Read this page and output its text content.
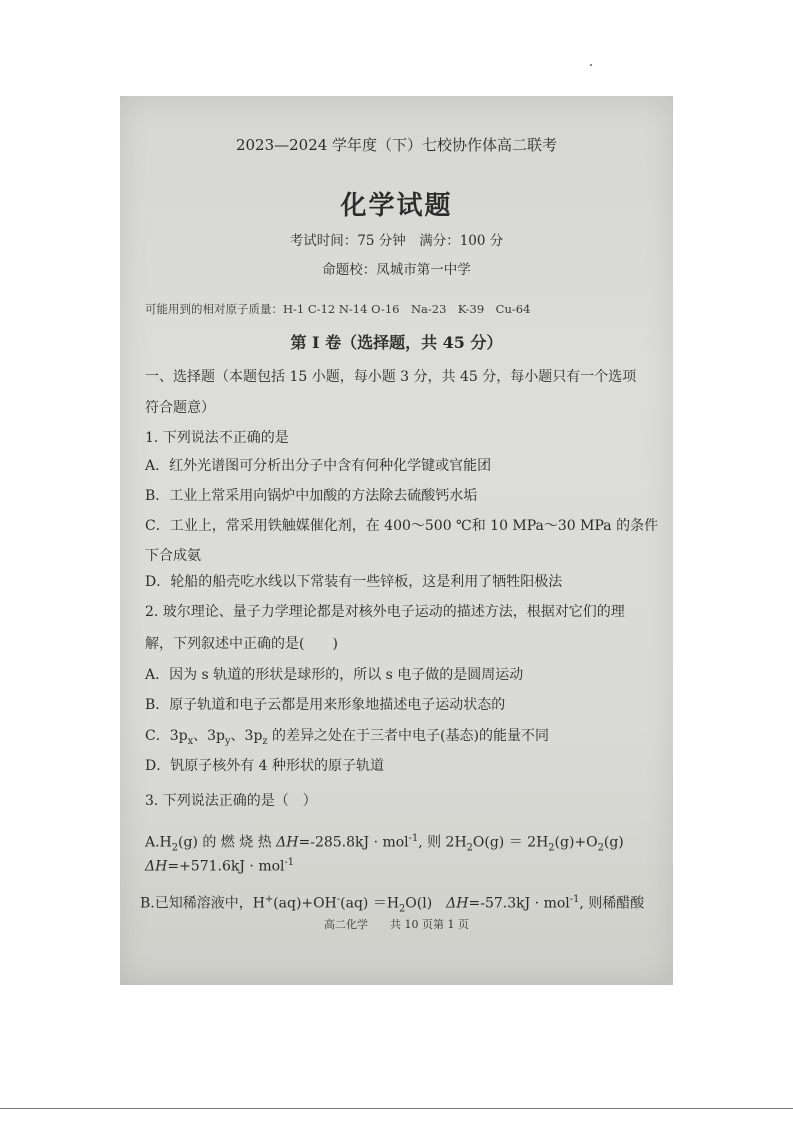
2023—2024 学年度（下）七校协作体高二联考
化学试题
考试时间：75 分钟　满分：100 分
命题校：凤城市第一中学
可能用到的相对原子质量：H-1 C-12 N-14 O-16　Na-23　K-39　Cu-64
第 I 卷（选择题，共 45 分）
一、选择题（本题包括 15 小题，每小题 3 分，共 45 分，每小题只有一个选项
符合题意）
1. 下列说法不正确的是
A．红外光谱图可分析出分子中含有何种化学键或官能团
B．工业上常采用向锅炉中加酸的方法除去硫酸钙水垢
C．工业上，常采用铁触媒催化剂，在 400～500 ℃和 10 MPa～30 MPa 的条件
下合成氨
D．轮船的船壳吃水线以下常装有一些锌板，这是利用了牺牲阳极法
2. 玻尔理论、量子力学理论都是对核外电子运动的描述方法，根据对它们的理
解，下列叙述中正确的是(　　)
A．因为 s 轨道的形状是球形的，所以 s 电子做的是圆周运动
B．原子轨道和电子云都是用来形象地描述电子运动状态的
C．$3p_x$、$3p_y$、$3p_z$ 的差异之处在于三者中电子(基态)的能量不同
D．钒原子核外有 4 种形状的原子轨道
3. 下列说法正确的是（　）
$A.H_2(g)$ 的 燃 烧 热 ΔH=-285.8kJ · mol$^{-1}$, 则 $2H_2O(g) = 2H_2(g)+O_2(g)$
ΔH=+571.6kJ · mol$^{-1}$
B.已知稀溶液中，$H^+(aq)+OH^-(aq) =H_2O(l)$　ΔH=-57.3kJ · mol$^{-1}$, 则稀醋酸
高二化学　　共 10 页第 1 页
